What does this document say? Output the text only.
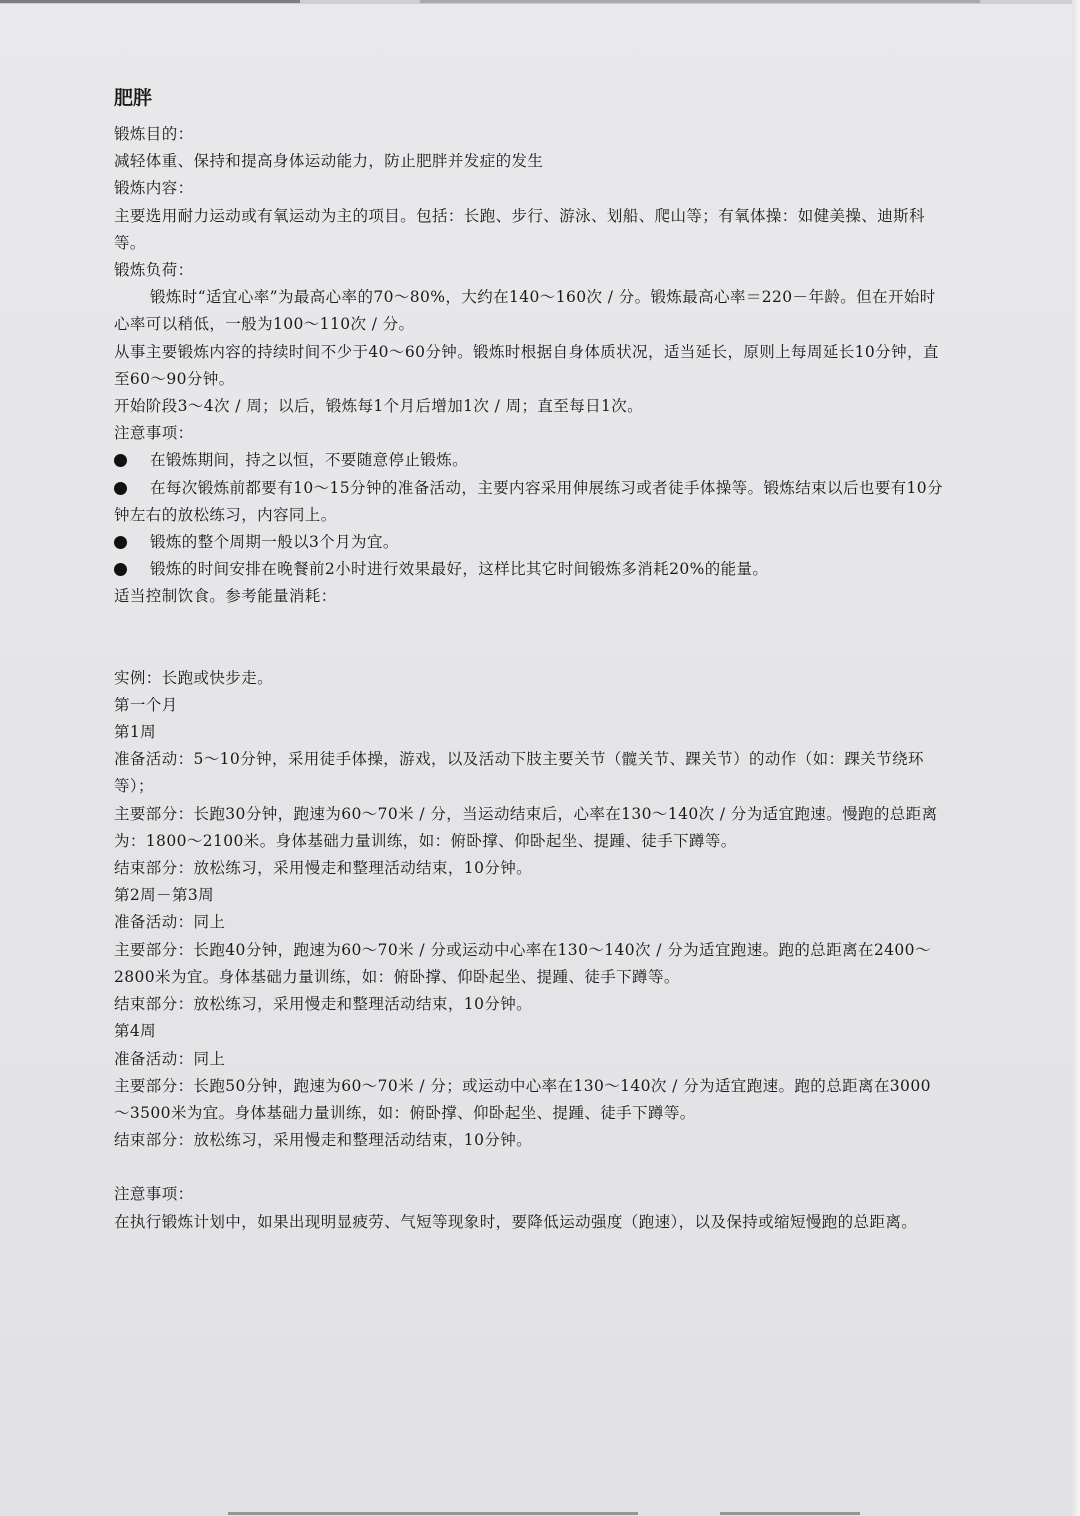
肥胖

锻炼目的：

减轻体重、保持和提高身体运动能力，防止肥胖并发症的发生

锻炼内容：

主要选用耐力运动或有氧运动为主的项目。包括：长跑、步行、游泳、划船、爬山等；有氧体操：如健美操、迪斯科等。

锻炼负荷：

锻炼时“适宜心率”为最高心率的70～80%，大约在140～160次 / 分。锻炼最高心率＝220－年龄。但在开始时心率可以稍低，一般为100～110次 / 分。

从事主要锻炼内容的持续时间不少于40～60分钟。锻炼时根据自身体质状况，适当延长，原则上每周延长10分钟，直至60～90分钟。

开始阶段3～4次 / 周；以后，锻炼每1个月后增加1次 / 周；直至每日1次。

注意事项：

在锻炼期间，持之以恒，不要随意停止锻炼。

在每次锻炼前都要有10～15分钟的准备活动，主要内容采用伸展练习或者徒手体操等。锻炼结束以后也要有10分钟左右的放松练习，内容同上。

锻炼的整个周期一般以3个月为宜。

锻炼的时间安排在晚餐前2小时进行效果最好，这样比其它时间锻炼多消耗20%的能量。

适当控制饮食。参考能量消耗：

实例：长跑或快步走。

第一个月

第1周

准备活动：5～10分钟，采用徒手体操，游戏，以及活动下肢主要关节（髋关节、踝关节）的动作（如：踝关节绕环等）；

主要部分：长跑30分钟，跑速为60～70米 / 分，当运动结束后，心率在130～140次 / 分为适宜跑速。慢跑的总距离为：1800～2100米。身体基础力量训练，如：俯卧撑、仰卧起坐、提踵、徒手下蹲等。

结束部分：放松练习，采用慢走和整理活动结束，10分钟。

第2周－第3周

准备活动：同上

主要部分：长跑40分钟，跑速为60～70米 / 分或运动中心率在130～140次 / 分为适宜跑速。跑的总距离在2400～2800米为宜。身体基础力量训练，如：俯卧撑、仰卧起坐、提踵、徒手下蹲等。

结束部分：放松练习，采用慢走和整理活动结束，10分钟。

第4周

准备活动：同上

主要部分：长跑50分钟，跑速为60～70米 / 分；或运动中心率在130～140次 / 分为适宜跑速。跑的总距离在3000～3500米为宜。身体基础力量训练，如：俯卧撑、仰卧起坐、提踵、徒手下蹲等。

结束部分：放松练习，采用慢走和整理活动结束，10分钟。

注意事项：

在执行锻炼计划中，如果出现明显疲劳、气短等现象时，要降低运动强度（跑速），以及保持或缩短慢跑的总距离。
